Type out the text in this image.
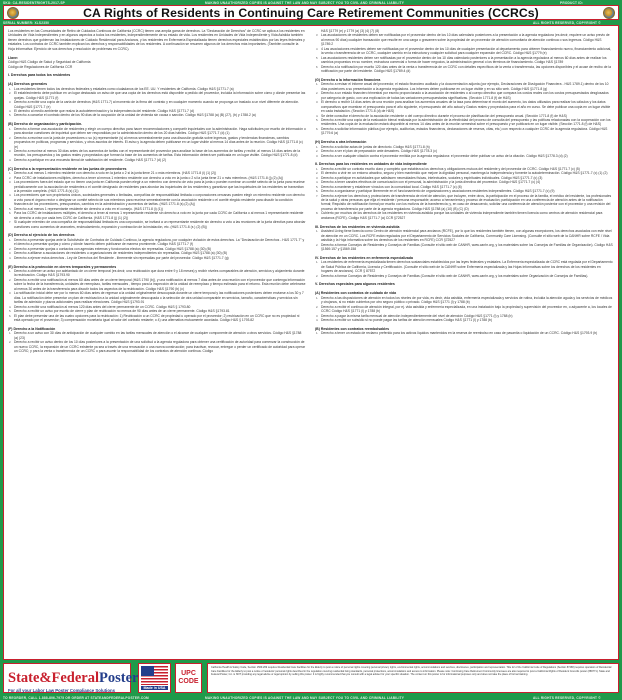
SKU: CA-RESIDENTRIGHTS-2017-SP	MAKING UNAUTHORIZED COPIES IS AGAINST THE LAW AND MAY SUBJECT YOU TO CIVIL AND CRIMINAL LIABILITY	PRODUCT ID:
CA Rights of Residents in Continuing Care Retirement Communities (CCRCs)
SERIAL NUMBER: XLS2350	ALL RIGHTS RESERVED, COPYRIGHT ©

Los residentes en las Comunidades de Retiro de Cuidados Continuos de California (CCRC) tienen una amplia gama de derechos. La "Declaración de Derechos" de CCRC se aplica a los residentes en Unidades de Vida Independientes y en algunos aspectos a todos los residentes, independientemente de su estado de vida. Los residentes en Unidades de Vida Independiente y Vida Asistida también tienen derechos que gobiernan las Instalaciones de Cuidado Residencial para Ancianos, y los residentes en Enfermería Especializada tienen derechos especiales establecidos por las leyes federales y estatales. Los contratos de CCRC también explican los derechos y responsabilidades de los residentes. A continuación se resumen algunos de los derechos más importantes. (También consulte la Hoja informativa: Ejercicio de sus derechos y resolución de problemas en CCRC).

Llave:

Código H&S Código de Salud y Seguridad de California

Código de Regulaciones de California CCR

I. Derechos para todos los residentes

(A) Derechos generales

1. Los residentes tienen todos los derechos federales y estatales como ciudadanos de los EE. UU. Y residentes de California. Código H&S §1771.7 (a)
2. El establecimiento debe publicar en un lugar destacado un aviso de que una copia de los derechos está disponible a pedido del proveedor, incluida la información sobre cómo y dónde presentar las quejas. Código H&S §1771 (f)
3. Derecho a recibir una copia de la carta de derechos (H&S 1771.7) al momento de la firma del contrato y en cualquier momento cuando se proponga un traslado a un nivel diferente de atención. Código H&S §1771.7 (e)
4. El derecho al medio ambiente que realza la autodeterminación y la independencia del residente. Código H&S §1771.7 (d)
5. Derecho a cancelar el contrato dentro de los 90 días de la ocupación de la unidad de vivienda sin causa o sanción. Código H&S §1788 (a) (B) (27), (b) y 1788.2 (a)

(B) Derecho de organización y participación.

1. Derecho a formar una asociación de residentes y elegir un cuerpo directivo para hacer recomendaciones y compartir inquietudes con la administración. Haga solicitudes por escrito de información o para abordar cuestiones de inquietud que deben ser respondidas por la administración dentro de los 20 días hábiles. Código H&S §1771.7 (d) (1)
2. Derecho a reunirse con la junta de proveedores o su (s) representante (s) al menos semestralmente para una discusión gratuita sobre ingresos, gastos y tendencias financieras, cambios propuestos en políticas, programas y servicios, y otros asuntos de interés. El aviso y la agenda deben publicarse en un lugar visible al menos 14 días antes de la reunión. Código H&S §1771.8 (c) (e)
3. Derecho a reunirse al menos 30 días antes de los aumentos de tarifas con el representante del proveedor para analizar la base de los aumentos de tarifas y recibir, al menos 14 días antes de la reunión, los presupuestos y los gastos reales y proyectados que forman la base de los aumentos de tarifas. Esta información deberá ser publicada en un lugar visible. Código H&S §1771.8 (d)
4. Derecho a participar en una encuesta bienal de satisfacción del residente. Código H&S §1771.7 (d) (2)

(C) Derecho a la representación residente en las juntas de proveedores

1. Derecho a al menos 1 miembro residente con derecho a voto en la junta o 2 si la junta tiene 21 o más miembros. (H&S 1771.8 (i) (1) (2))
2. Para CCRC de instalaciones múltiples, derecho a tener al menos 1 miembro residente con derecho a voto en la junta o 2 si la junta tiene 21 o más miembros. (H&S 1771.8 (j) (2) (A))
3. Los proveedores fuera del estado que no tienen una junta en California pueden elegir a un miembro con derecho de voto para la junta o pueden nombrar un comité selecto de la junta para reunirse periódicamente con la asociación de residentes o el comité designado de residentes para abordar las inquietudes de los residentes y garantizar que las inquietudes de los residentes se transmitan a la pensión completa. (H&S 1771.8 (s) (1))
4. Los proveedores que son propietarios únicos, sociedades generales o limitadas, compañías de responsabilidad limitada o corporaciones cercanas pueden elegir un miembro residente con derecho a voto para el órgano rector o designar un comité selecto de sus miembros para reunirse semestralmente con la asociación residente o el comité elegido residente para discutir la condición financiera de los proveedores, presupuestos, cambios en la administración y aumentos de tarifas. (H&S 1771.8 (s) (2) (A))
5. Derecho a al menos 1 representante residente sin derecho a voto en el consejo. (H&S 1771.8 (i) (1))
6. Para los CCRC de instalaciones múltiples, el derecho a tener al menos 1 representante residente sin derecho a voto en la junta por cada CCRC de California o al menos 1 representante residente sin derecho a voto por cada tres CCRC de California. (H&S 1771.8 (j) (1) (2))
7. Si cualquier miembro de una compañía de responsabilidad limitada es una corporación, se invitará a un representante residente sin derecho a voto a las reuniones de la junta directiva para abordar cuestiones como aumentos de aranceles, endeudamiento, expansión y contracción de la instalación, etc. (H&S 1771.8 (s ) (2) (B))

(D) Derecho al ejercicio de los derechos

1. Derecho a presentar quejas ante la Subdivisión de Contratos de Cuidado Continuo, la agencia reguladora, por cualquier violación de estos derechos. La "Declaración de Derechos - H&S 1771.7" y el derecho a presentar quejas y cómo y dónde hacerlo deben publicarse de manera prominente. Código H&S §1771.7 (f)
2. Derecho a presentar quejas o contactos con agencias externas y funcionarios electos sin represalias. Código H&S §1788 (a) (30) (B)
3. Derecho a afiliarse a asociaciones de residentes u organizaciones de residentes independientes sin represalias. Código H&S §1788 (a) (30) (B)
4. Derecho a ejercer estos derechos - Ley de Derechos del Residente - libremente sin represalias por parte del proveedor. Código H&S §1771.7 (g)

(E) Derecho a la protección en cierres temporales y permanentes

1. Derecho a obtener un aviso por adelantado de un cierre temporal (es decir, una reubicación que dura entre 9 y 18 meses) y recibir niveles comparables de atención, servicios y alojamiento durante la reubicación. Código H&S §1793.90
2. Derecho a recibir una notificación al menos 60 días antes de un cierre temporal (H&S 1790 (b)), y una notificación al menos 7 días antes de una reunión con el proveedor que contenga información sobre la fecha de la transferencia, unidades de reemplazo, tarifas mensuales , tiempo para la inspección de la unidad de reemplazo y tiempo estimado para el retorno. Esta reunión debe celebrarse al menos 30 antes de la transferencia para discutir todos los aspectos de la reubicación. Código H&S §1790 (b) (c)
3. La notificación inicial debe ser por lo menos 60 días antes de regresar a la unidad originalmente desocupada durante un cierre temporal y las notificaciones posteriores deben enviarse a los 30 y 7 días. La notificación debe presentar un plan de reubicación a la unidad originalmente desocupada o la selección de otra unidad comparable en servicios, tamaño, características y servicios sin tarifas de admisión y plazos adicionales para realizar elecciones. Código H&S §1793.91
4. Derecho a recibir una notificación al menos 120 días antes del cierre permanente de un CCRC. Código H&S § 1793.80
5. Derecho a recibir un aviso por escrito de cierre y plan de reubicación no menos de 90 días antes de un cierre permanente. Código H&S §1793.81
6. El plan debe presentar una de las cuatro opciones para la reubicación: 1) Reubicación a un CCRC de propiedad u operado por el proveedor; 2) reubicación en un CCRC que no es propiedad ni está operado por el proveedor; 3) compensación monetaria igual al valor del contrato restante; o 4) una alternativa mutuamente acordada. Código H&S § 1793.82

(F) Derecho a la Notificación

1. Derecho a un aviso con 30 días de anticipación de cualquier cambio en las tarifas mensuales de atención o el alcance de cualquier componente de atención u otros servicios. Código H&S §1788 (a) (23)
2. Derecho a recibir un aviso dentro de los 10 días posteriores a la presentación de una solicitud a la agencia reguladora para obtener una certificación de autoridad para comenzar la construcción de un nuevo CCRC, la expansión de un CCRC existente ya sea a través de una renovación o una nueva construcción; para inactivar, revocar, entregar o perder un certificado de autoridad para operar un CCRC; y para la venta o transferencia de un CCRC o para asumir la responsabilidad de los contratos de atención continua. Código

H&S §1779 (e) y 1779 (a) (3) (4) (7) (8)

3 Las asociaciones de residentes deben ser notificadas por el proveedor dentro de los 10 días calendario posteriores a la presentación a la agencia reguladora (es decir, requiere un aviso previo de al menos 90 días) cualquier transacción que resulte en una carga o gravamen sobre la propiedad de un proveedor de atención comunitaria de atención continua o sus ingresos. Código H&S §1789.2
4 4 Las asociaciones residentes deben ser notificadas por el proveedor dentro de los 10 días de cualquier presentación al departamento para obtener financiamiento nuevo, financiamiento adicional, la venta o transferencia de un CCRC, cualquier cambio en la estructura y cualquier solicitud para cualquier expansión del CCRC. Código H&S §1779 (e)
5 Las asociaciones residentes deben ser notificadas por el proveedor dentro de los 10 días calendario posteriores a la presentación a la agencia reguladora al menos 60 días antes de realizar los cambios propuestos en su nombre, estructura comercial o forma de hacer negocios, la administración general o los términos de financiamiento. Código H&S §1789
6 Derecho a la notificación por escrito 120 días antes de la venta o transferencia de un CCRC con detalles específicos de la venta o transferencia, las opciones disponibles y el acuse de recibo de la notificación por parte del residente. Código H&S §1789.4 (d)

(G) Derecho a la información financiera

1. Derecho a revisar el informe anual del proveedor, el estado financiero auditado y la documentación adjunta (por ejemplo, Declaraciones de Divulgación Financiera - H&S 1789.1) dentro de los 10 días posteriores a su presentación a la agencia reguladora. Los informes deben publicarse en un lugar visible y en su sitio web. Código H&S §1771.8 (g)
2. Derecho a un estado financiero trimestral por escrito proporcionado a la asociación de residentes o al cuerpo directivo que compara los costos reales con los costos presupuestados desglosados por categoría de gasto, con una explicación de todas las variaciones presupuestarias significativas. (Sección 1771.8 (f) de H&S)
3. El derecho a recibir 14 días antes de una reunión para analizar los aumentos anuales de la tasa para determinar el monto del aumento, los datos utilizados para realizar los cálculos y los datos comparativos que muestran el presupuesto para el año siguiente, el presupuesto del año actual y Gastos reales y proyectados para el año en curso. Se debe publicar una copia en un lugar visible en cada instalación. (Sección 1771.8 (d) de H&S)
4. Se debe consultar el derecho de la asociación residente o del cuerpo directivo durante el proceso de planificación del presupuesto anual. (Sección 1771.8 (f) de H&S)
5. Derecho a recibir una copia de la evaluación bienal realizada por la administración de la efectividad del proceso de consulta del presupuesto y las políticas relacionadas con la cooperación con los residentes. Una copia de la evaluación estará disponible al menos 14 días antes de la reunión semestral sobre el presupuesto y se publicará en un lugar visible. (Sección 1771.8 (f) de H&S)
6. Derecho a solicitar información pública (por ejemplo, auditorías, estados financieros, declaraciones de reserva, citas, etc.) con respecto a cualquier CCRC de la agencia reguladora. Código H&S §1779.6 (a)

(H) Derecho a otra información

1. Derecho a solicitar actas de juntas de directorio. Código H&S §1771.8 (h)
2. Derecho a ver el plan de preparación ante desastres. Código H&S §1778.3 (c)
3. Derecho a ver cualquier citación contra el proveedor emitida por la agencia reguladora: el proveedor debe publicar un aviso de la citación. Código H&S §1778.3 (d) (2)

II. Derechos para los residentes en unidades de vida independiente

1. Derecho a recibir un contrato escrito claro y completo que establezca los derechos y obligaciones mutuos del residente y del proveedor de CCRC. Código H&S §1771.7 (c) (5)
2. El derecho a vivir en un entorno atractivo, seguro y bien mantenido que mejore la dignidad personal, mantenga la independencia y fomente la autodeterminación. Código H&S §1771.7 (c) (1) (2)
3. Derecho a participar en actividades que satisfacen necesidades físicas, intelectuales, sociales y espirituales individuales. Código H&S §1771.7 (c) (3)
4. Derecho a tener canales efectivos de comunicación con el personal, la administración y la junta directiva del proveedor. Código H&S §1771.7 (c) (4)
5. Derecho a mantener y establecer vínculos con la comunidad local. Código H&S §1771.7 (c) (8)
6. Derecho a organizarse y participar libremente en el funcionamiento de organizaciones y asociaciones residentes independientes. Código H&S §1771.7 (c) (9)
7. Derecho a ejercer los derechos y protecciones de transferencia de nivel de atención, que incluyen, entre otros, la participación en el proceso de la familia, el médico del residente, los profesionales de la salud y otras personas que elija el residente / persona responsable; acceso a herramienta y proceso de evaluación; participación en una conferencia de atención antes de la notificación formal; Requisito de notificación formal por escrito con los motivos de la transferencia; y, en caso de desacuerdo, solicitar una conferencia de atención posterior con el proveedor y una revisión del proceso de transferencia por parte de la agencia reguladora. Código H&S §1788 (a) (10) (B) (C) (D)
8. Cubierto por muchos de los derechos de los residentes en vivienda asistida porque las unidades de vivienda independiente también tienen licencia como centros de atención residencial para ancianos (RCFE). Código H&S §1771.7 (a) CCR §72527

III. Derechos de los residentes en vivienda asistida

1. Assisted Living tiene licencia como Centro de atención residencial para ancianos (RCFE), por lo que los residentes también tienen, con algunas excepciones, los derechos asociados con este nivel de atención en un CCRC. Los RCFE están regulados por el Departamento de Servicios Sociales de California, Community Care Licensing. (Consulte el sitio web de la CANHR sobre RCFE / Vida asistida y la Hoja informativa sobre los derechos de los residentes en RCFE) CCR §72527
2. Derecho a formar Consejos de Residentes y Consejos de Familias (Consulte el sitio web de CANHR, www.canhr.org, y los materiales sobre los Consejos de Familias de Organización). Código H&S §1569.157 y §1569.158

IV. Derechos de los residentes en enfermería especializada

1. Los residentes de enfermería especializada tienen derechos sustanciales establecidos por las leyes federales y estatales. La Enfermería especializada de CCRC está regulada por el Departamento de Salud Pública de California, Licencia y Certificación. (Consulte el sitio web de la CANHR sobre Enfermería especializada y las Hojas informativas sobre los derechos de los residentes en hogares de ancianos). CCR § 87572
2. Derecho a formar Consejos de Residentes y Consejos de Familias (Consulte el sitio web de CANHR, www.canhr.org, y los materiales sobre Organización de Consejos de Familias).

V. Derechos especiales para algunos residentes

(A) Residentes con contratos de cuidado de vida

1. Derecho a las disposiciones de atención en todos los niveles de por vida, es decir, vida asistida, enfermería especializada y servicios de rutina, incluida la atención aguda y los servicios de médicos y cirujanos, si no están cubiertos por otro seguro público o privado. Código H&S §1771 (l) y 1788 (b)
2. Derecho a recibir el continuo de atención integral, por ej. vida asistida y enfermería especializada, en una instalación bajo la propiedad y supervisión del proveedor en, o adyacente a, los locales de CCRC Código H&S §1771 (l) y 1788 (b)
3. Derecho a pagar la misma tarifa mensual de atención independientemente del nivel de atención Código H&S §1771 (l) y 1788 (b)
4. Derecho a recibir un subsidio si no puede pagar las tarifas de atención mensuales Código H&S §1771 (l) y 1788 (b)

(B) Residentes con contratos reembolsables

1. Derecho a tener un estado de reclamo preferido para los activos líquidos mantenidos en la reserva de reembolso en caso de pasantía o liquidación de un CCRC. Código H&S §1793.9 (b)
State&FederalPoster
For all your Labor Law Poster Compliance Solutions	Made in USA
UPC
CODE
California Health & Safety Code, Section 1569.269 requires Residential Care Facilities for the Elderly to post a notice of personal rights covering personal privacy rights, environmental rights, accommodations and services, disclosures, participation and representation. Title 22 of the California Code of Regulations (Section 87468) requires operators of Residential Care Facilities for the Elderly to post a notice of residents' personal rights described in the regulation covering residential living standards, personal protections, accommodations and access to information. Please note: Continuing Care Retirement Community licensees are also required to post a California Rights of Resident Councils poster (#89771). State and Federal Poster, Inc. is NOT providing any legal advice or legal opinion by selling this poster. It is highly recommended that you consult with a legal adviser for your specific situation. The content on this poster is for informational purposes only and does not take the place of formal training.
TO REORDER, CALL 1-888-806-7975 OR ORDER AT STATEANDFEDERALPOSTER.COM	MAKING UNAUTHORIZED COPIES IS AGAINST THE LAW AND MAY SUBJECT YOU TO CIVIL AND CRIMINAL LIABILITY	ALL RIGHTS RESERVED, COPYRIGHT ©
